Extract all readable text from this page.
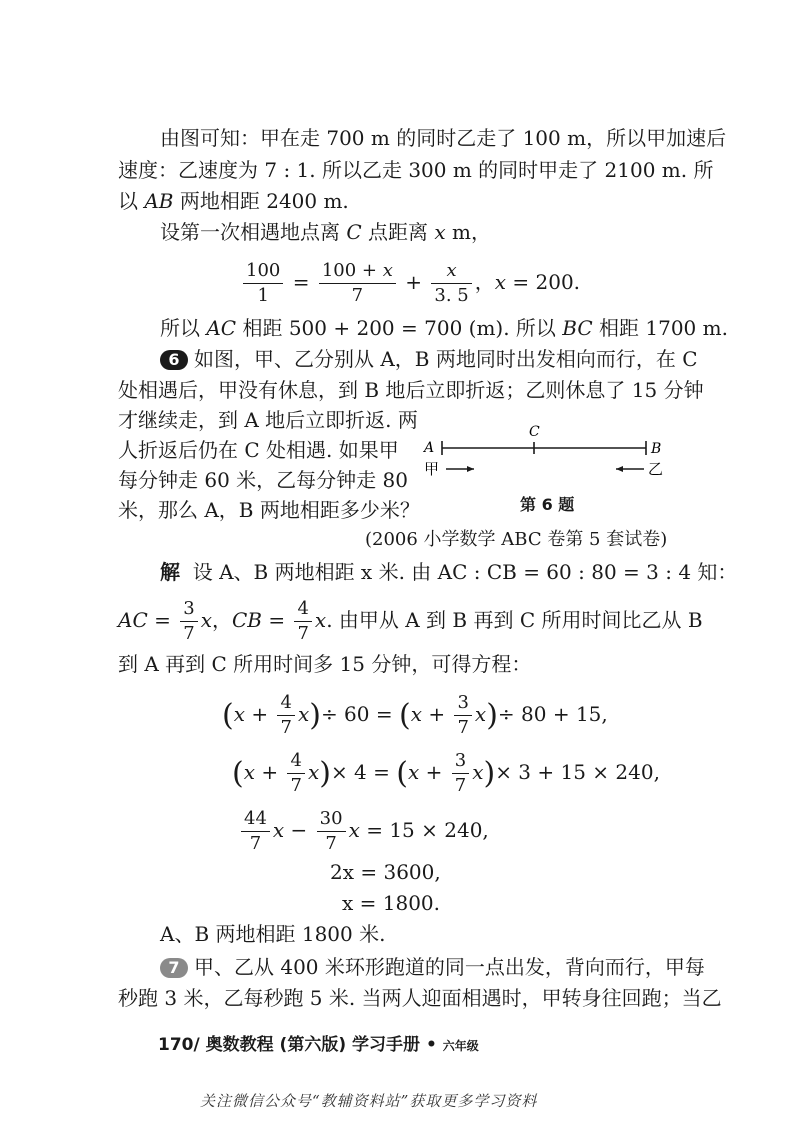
由图可知：甲在走 700 m 的同时乙走了 100 m，所以甲加速后
速度：乙速度为 7 : 1. 所以乙走 300 m 的同时甲走了 2100 m. 所
以 AB 两地相距 2400 m.
设第一次相遇地点离 C 点距离 x m，
$\frac{100}{1} = \frac{100 + x}{7} + \frac{x}{3. 5}$ ，x = 200.
所以 AC 相距 500 + 200 = 700 (m). 所以 BC 相距 1700 m.
6 如图，甲、乙分别从 A，B 两地同时出发相向而行，在 C
处相遇后，甲没有休息，到 B 地后立即折返；乙则休息了 15 分钟
才继续走，到 A 地后立即折返. 两
人折返后仍在 C 处相遇. 如果甲
每分钟走 60 米，乙每分钟走 80
米，那么 A，B 两地相距多少米？
A
C
B
甲	乙
第 6 题
(2006 小学数学 ABC 卷第 5 套试卷)
解 设 A、B 两地相距 x 米. 由 AC : CB = 60 : 80 = 3 : 4 知：
AC = $\frac{3}{7}$ x，CB = $\frac{4}{7} x$. 由甲从 A 到 B 再到 C 所用时间比乙从 B
到 A 再到 C 所用时间多 15 分钟，可得方程：
$(x + \frac{4}{7} x)\div 60 = (x + \frac{3}{7} x)\div 80 + 15$,
$(x + \frac{4}{7} x)\times 4 = (x + \frac{3}{7} x)\times 3 + 15 \times 240$,
$\frac{44}{7}$ $x - \frac{30}{7}$ x = 15 × 240,
2x = 3600,
x = 1800.
A、B 两地相距 1800 米.
7 甲、乙从 400 米环形跑道的同一点出发，背向而行，甲每
秒跑 3 米，乙每秒跑 5 米. 当两人迎面相遇时，甲转身往回跑；当乙
170/ 奥数教程 (第六版) 学习手册 • 六年级
关注微信公众号“教辅资料站”获取更多学习资料
